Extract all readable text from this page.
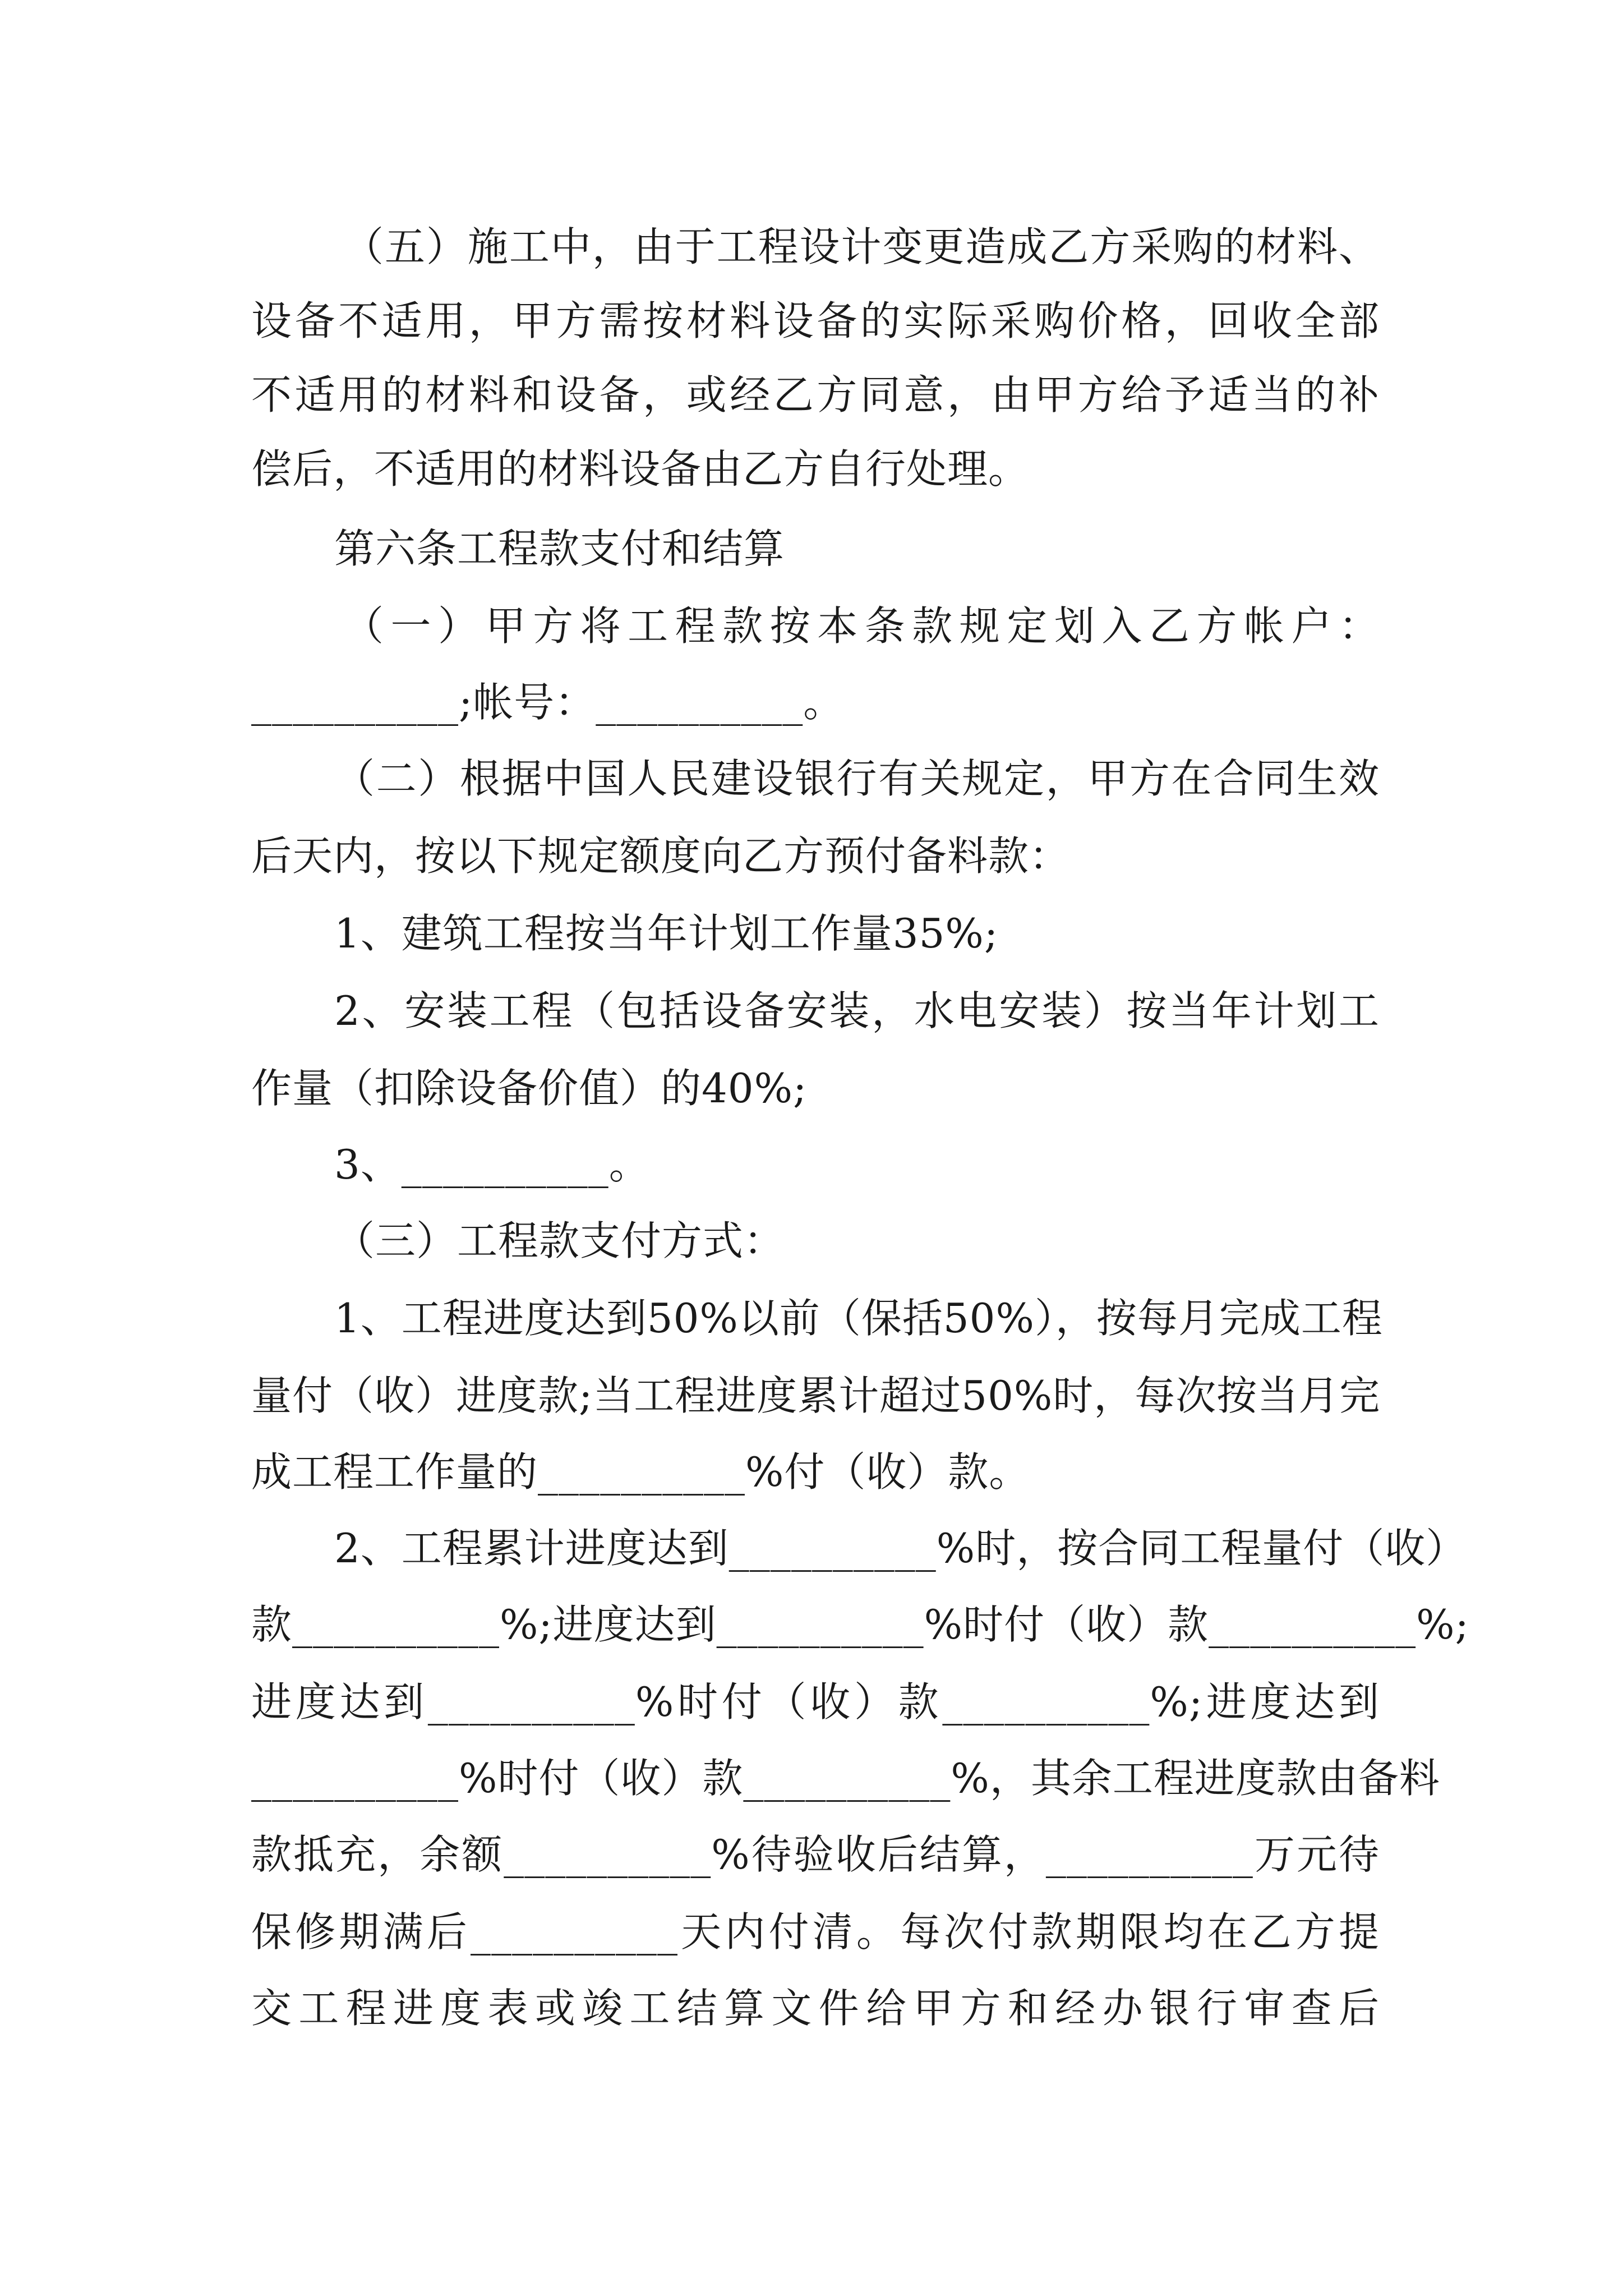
（五）施工中，由于工程设计变更造成乙方采购的材料、
设备不适用，甲方需按材料设备的实际采购价格，回收全部
不适用的材料和设备，或经乙方同意，由甲方给予适当的补
偿后，不适用的材料设备由乙方自行处理。
第六条工程款支付和结算
（一）甲方将工程款按本条款规定划入乙方帐户：
__________;帐号：__________。
（二）根据中国人民建设银行有关规定，甲方在合同生效
后天内，按以下规定额度向乙方预付备料款：
1、建筑工程按当年计划工作量35%;
2、安装工程（包括设备安装，水电安装）按当年计划工
作量（扣除设备价值）的40%;
3、__________。
（三）工程款支付方式：
1、工程进度达到50%以前（保括50%），按每月完成工程
量付（收）进度款;当工程进度累计超过50%时，每次按当月完
成工程工作量的__________%付（收）款。
2、工程累计进度达到__________%时，按合同工程量付（收）
款__________%;进度达到__________%时付（收）款__________%;
进度达到__________%时付（收）款__________%;进度达到
__________%时付（收）款__________%，其余工程进度款由备料
款抵充，余额__________%待验收后结算，__________万元待
保修期满后__________天内付清。每次付款期限均在乙方提
交工程进度表或竣工结算文件给甲方和经办银行审查后
